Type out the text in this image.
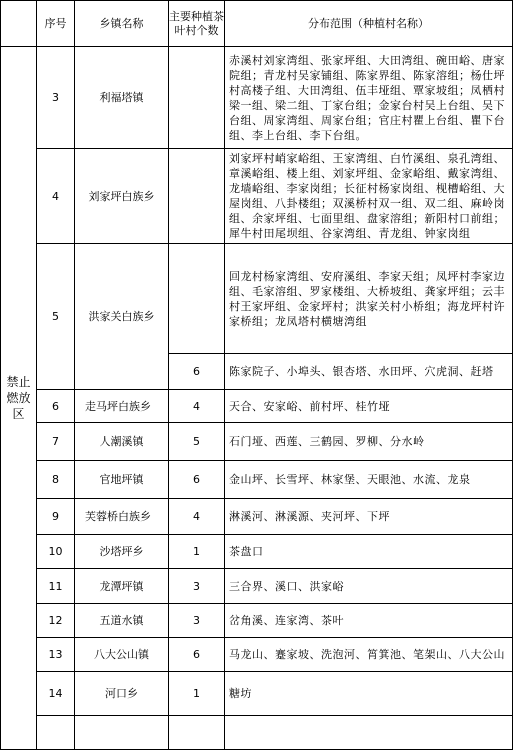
	序号	乡镇名称	主要种植茶叶村个数	分布范围（种植村名称）
禁止燃放区	3	利福塔镇		赤溪村刘家湾组、张家坪组、大田湾组、碗田峪、唐家院组；青龙村吴家铺组、陈家界组、陈家溶组；杨仕坪村高楼子组、大田湾组、伍丰垭组、覃家坡组；凤栖村梁一组、梁二组、丁家台组；金家台村吴上台组、吴下台组、周家湾组、周家台组；官庄村瞿上台组、瞿下台组、李上台组、李下台组。
	4	刘家坪白族乡		刘家坪村峭家峪组、王家湾组、白竹溪组、泉孔湾组、章溪峪组、楼上组、刘家坪组、金家峪组、戴家湾组、龙墙峪组、李家岗组；长征村杨家岗组、枧槽峪组、大屋岗组、八卦楼组；双溪桥村双一组、双二组、麻岭岗组、余家坪组、七面里组、盘家溶组；新阳村口前组；犀牛村田尾坝组、谷家湾组、青龙组、钟家岗组
	5	洪家关白族乡		回龙村杨家湾组、安府溪组、李家天组；凤坪村李家边组、毛家溶组、罗家楼组、大桥坡组、龚家坪组；云丰村王家坪组、金家坪村；洪家关村小桥组；海龙坪村许家桥组；龙凤塔村横塘湾组
			6	陈家院子、小埠头、银杏塔、水田坪、穴虎洞、赶塔
	6	走马坪白族乡	4	天合、安家峪、前村坪、桂竹垭
	7	人潮溪镇	5	石门垭、西莲、三鹤园、罗柳、分水岭
	8	官地坪镇	6	金山坪、长雪坪、林家堡、天眼池、水流、龙泉
	9	芙蓉桥白族乡	4	淋溪河、淋溪源、夹河坪、下坪
	10	沙塔坪乡	1	茶盘口
	11	龙潭坪镇	3	三合界、溪口、洪家峪
	12	五道水镇	3	岔角溪、连家湾、茶叶
	13	八大公山镇	6	马龙山、蹇家坡、洗泡河、筲箕池、笔架山、八大公山
	14	河口乡	1	糖坊
